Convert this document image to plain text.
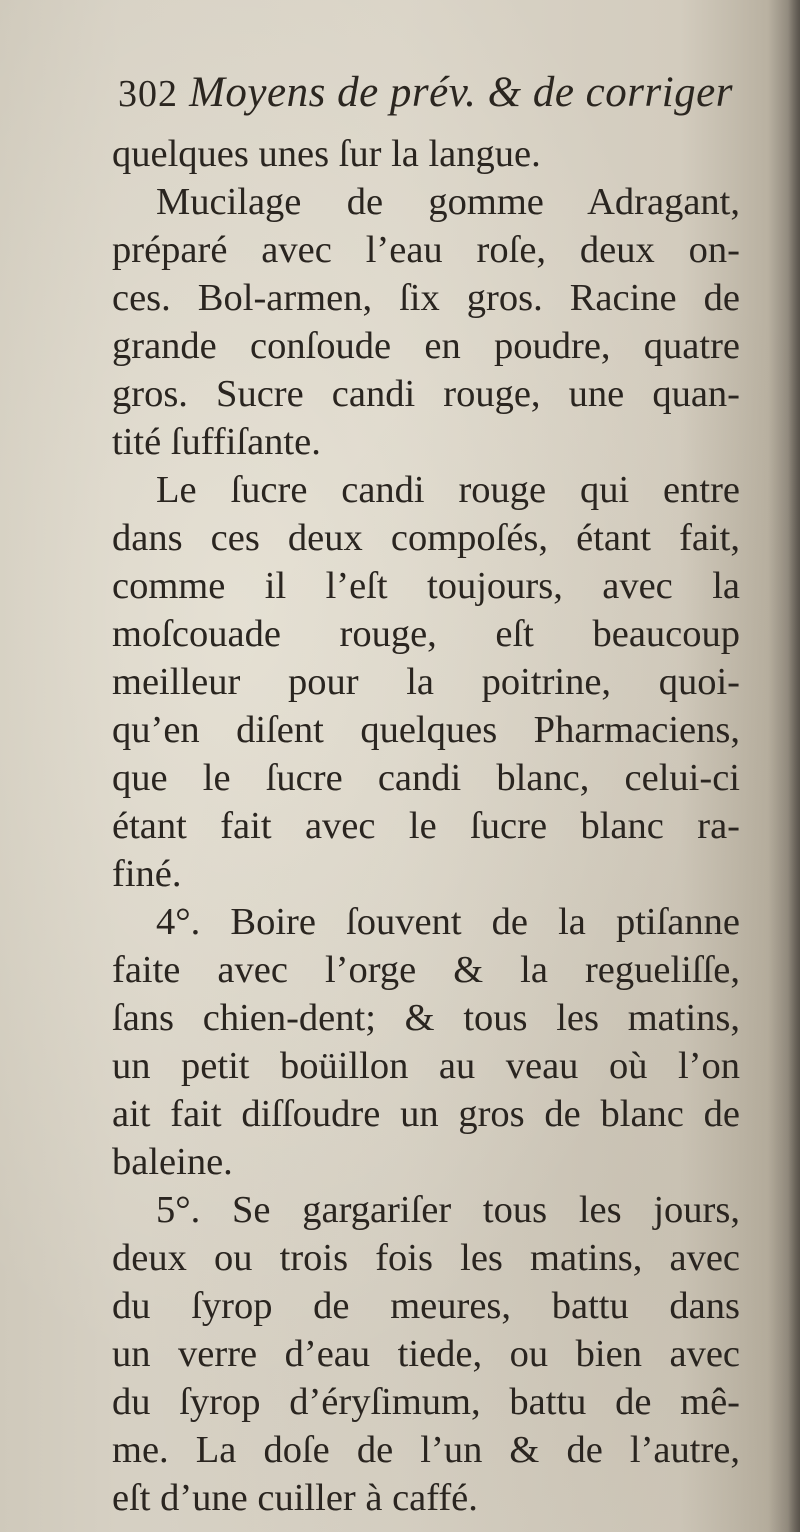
302 Moyens de prév. & de corriger
quelques unes ſur la langue.
Mucilage de gomme Adragant,
préparé avec l’eau roſe, deux on-
ces. Bol-armen, ſix gros. Racine de
grande conſoude en poudre, quatre
gros. Sucre candi rouge, une quan-
tité ſuffiſante.
Le ſucre candi rouge qui entre
dans ces deux compoſés, étant fait,
comme il l’eſt toujours, avec la
moſcouade rouge, eſt beaucoup
meilleur pour la poitrine, quoi-
qu’en diſent quelques Pharmaciens,
que le ſucre candi blanc, celui-ci
étant fait avec le ſucre blanc ra-
finé.
4°. Boire ſouvent de la ptiſanne
faite avec l’orge & la regueliſſe,
ſans chien-dent; & tous les matins,
un petit boüillon au veau où l’on
ait fait diſſoudre un gros de blanc de
baleine.
5°. Se gargariſer tous les jours,
deux ou trois fois les matins, avec
du ſyrop de meures, battu dans
un verre d’eau tiede, ou bien avec
du ſyrop d’éryſimum, battu de mê-
me. La doſe de l’un & de l’autre,
eſt d’une cuiller à caffé.
